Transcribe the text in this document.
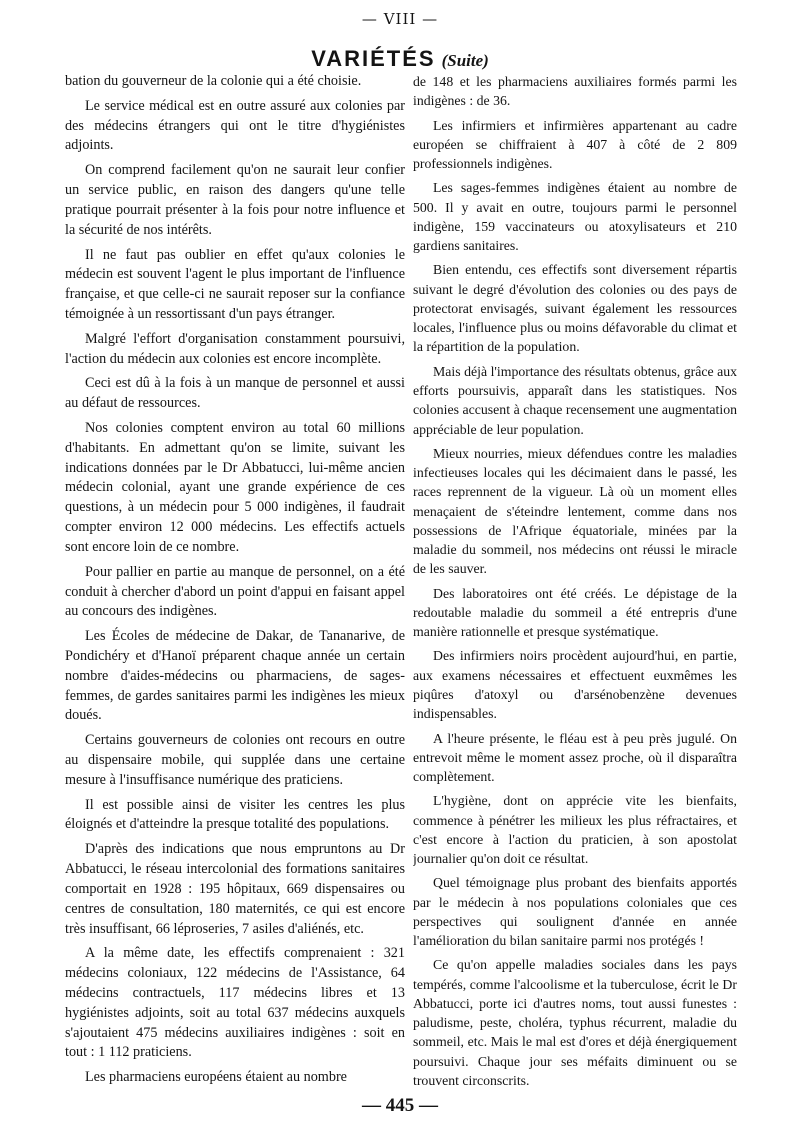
— VIII —
VARIÉTÉS (Suite)

bation du gouverneur de la colonie qui a été choisie.

Le service médical est en outre assuré aux colonies par des médecins étrangers qui ont le titre d'hygiénistes adjoints.

On comprend facilement qu'on ne saurait leur confier un service public, en raison des dangers qu'une telle pratique pourrait présenter à la fois pour notre influence et la sécurité de nos intérêts.

Il ne faut pas oublier en effet qu'aux colonies le médecin est souvent l'agent le plus important de l'influence française, et que celle-ci ne saurait reposer sur la confiance témoignée à un ressortissant d'un pays étranger.

Malgré l'effort d'organisation constamment poursuivi, l'action du médecin aux colonies est encore incomplète.

Ceci est dû à la fois à un manque de personnel et aussi au défaut de ressources.

Nos colonies comptent environ au total 60 millions d'habitants. En admettant qu'on se limite, suivant les indications données par le Dr Abbatucci, lui-même ancien médecin colonial, ayant une grande expérience de ces questions, à un médecin pour 5 000 indigènes, il faudrait compter environ 12 000 médecins. Les effectifs actuels sont encore loin de ce nombre.

Pour pallier en partie au manque de personnel, on a été conduit à chercher d'abord un point d'appui en faisant appel au concours des indigènes.

Les Écoles de médecine de Dakar, de Tananarive, de Pondichéry et d'Hanoï préparent chaque année un certain nombre d'aides-médecins ou pharmaciens, de sages-femmes, de gardes sanitaires parmi les indigènes les mieux doués.

Certains gouverneurs de colonies ont recours en outre au dispensaire mobile, qui supplée dans une certaine mesure à l'insuffisance numérique des praticiens.

Il est possible ainsi de visiter les centres les plus éloignés et d'atteindre la presque totalité des populations.

D'après des indications que nous empruntons au Dr Abbatucci, le réseau intercolonial des formations sanitaires comportait en 1928 : 195 hôpitaux, 669 dispensaires ou centres de consultation, 180 maternités, ce qui est encore très insuffisant, 66 léproseries, 7 asiles d'aliénés, etc.

A la même date, les effectifs comprenaient : 321 médecins coloniaux, 122 médecins de l'Assistance, 64 médecins contractuels, 117 médecins libres et 13 hygiénistes adjoints, soit au total 637 médecins auxquels s'ajoutaient 475 médecins auxiliaires indigènes : soit en tout : 1 112 praticiens.

Les pharmaciens européens étaient au nombre

de 148 et les pharmaciens auxiliaires formés parmi les indigènes : de 36.

Les infirmiers et infirmières appartenant au cadre européen se chiffraient à 407 à côté de 2 809 professionnels indigènes.

Les sages-femmes indigènes étaient au nombre de 500. Il y avait en outre, toujours parmi le personnel indigène, 159 vaccinateurs ou atoxylisateurs et 210 gardiens sanitaires.

Bien entendu, ces effectifs sont diversement répartis suivant le degré d'évolution des colonies ou des pays de protectorat envisagés, suivant également les ressources locales, l'influence plus ou moins défavorable du climat et la répartition de la population.

Mais déjà l'importance des résultats obtenus, grâce aux efforts poursuivis, apparaît dans les statistiques. Nos colonies accusent à chaque recensement une augmentation appréciable de leur population.

Mieux nourries, mieux défendues contre les maladies infectieuses locales qui les décimaient dans le passé, les races reprennent de la vigueur. Là où un moment elles menaçaient de s'éteindre lentement, comme dans nos possessions de l'Afrique équatoriale, minées par la maladie du sommeil, nos médecins ont réussi le miracle de les sauver.

Des laboratoires ont été créés. Le dépistage de la redoutable maladie du sommeil a été entrepris d'une manière rationnelle et presque systématique.

Des infirmiers noirs procèdent aujourd'hui, en partie, aux examens nécessaires et effectuent euxmêmes les piqûres d'atoxyl ou d'arsénobenzène devenues indispensables.

A l'heure présente, le fléau est à peu près jugulé. On entrevoit même le moment assez proche, où il disparaîtra complètement.

L'hygiène, dont on apprécie vite les bienfaits, commence à pénétrer les milieux les plus réfractaires, et c'est encore à l'action du praticien, à son apostolat journalier qu'on doit ce résultat.

Quel témoignage plus probant des bienfaits apportés par le médecin à nos populations coloniales que ces perspectives qui soulignent d'année en année l'amélioration du bilan sanitaire parmi nos protégés !

Ce qu'on appelle maladies sociales dans les pays tempérés, comme l'alcoolisme et la tuberculose, écrit le Dr Abbatucci, porte ici d'autres noms, tout aussi funestes : paludisme, peste, choléra, typhus récurrent, maladie du sommeil, etc. Mais le mal est d'ores et déjà énergiquement poursuivi. Chaque jour ses méfaits diminuent ou se trouvent circonscrits.

— 445 —
